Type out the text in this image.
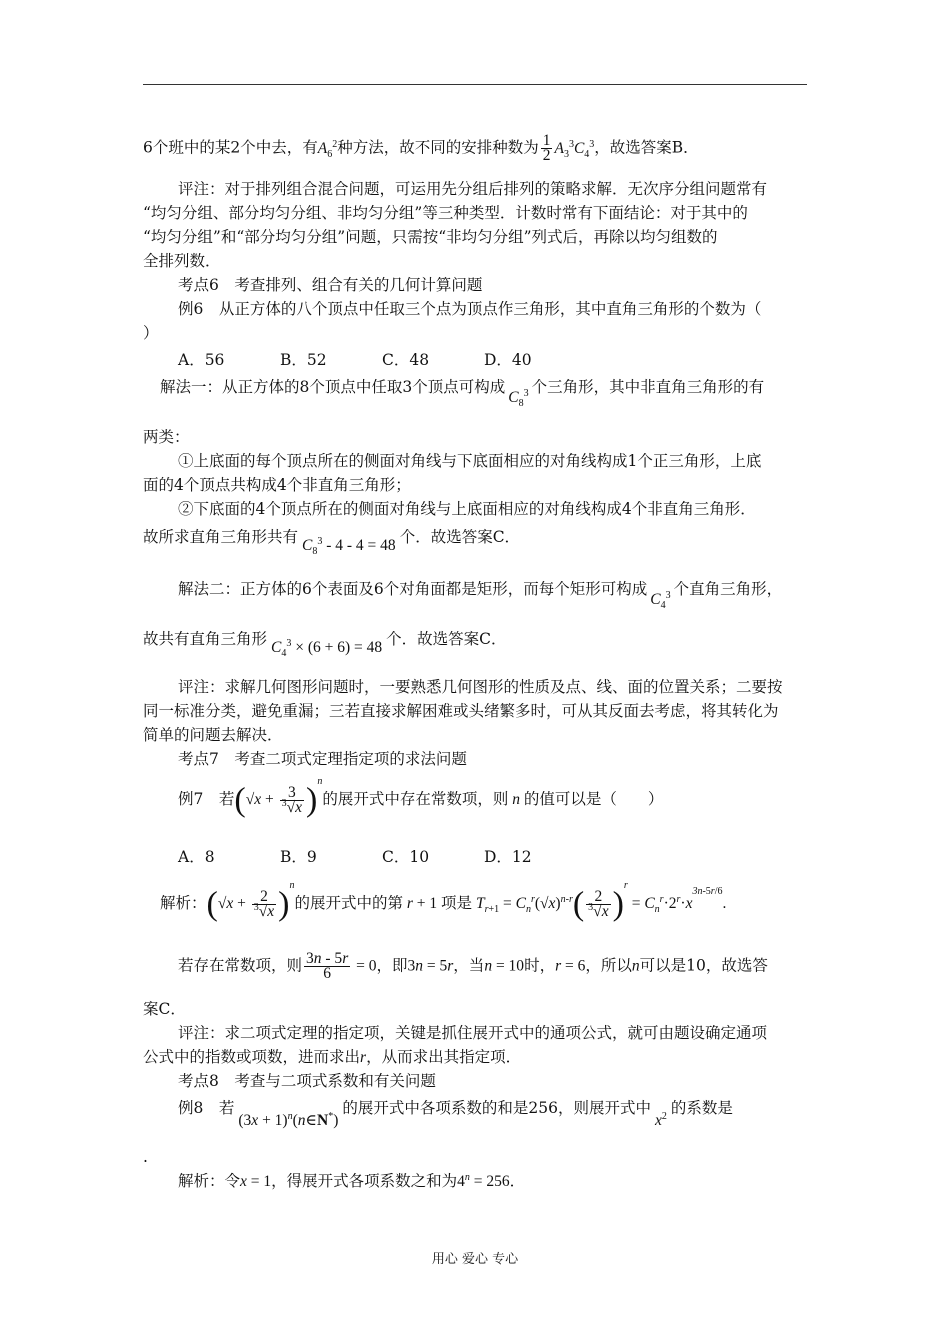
6个班中的某2个中去，有$A_6^2$种方法，故不同的安排种数为 $\frac{1}{2} A_3^3C_4^3$，故选答案B．
评注：对于排列组合混合问题，可运用先分组后排列的策略求解．无次序分组问题常有
“均匀分组、部分均匀分组、非均匀分组”等三种类型．计数时常有下面结论：对于其中的
“均匀分组”和“部分均匀分组”问题，只需按“非均匀分组”列式后，再除以均匀组数的
全排列数．
考点6　考查排列、组合有关的几何计算问题
例6　从正方体的八个顶点中任取三个点为顶点作三角形，其中直角三角形的个数为（
）
A．56	B．52	C．48	D．40
解法一：从正方体的8个顶点中任取3个顶点可构成$C_8^3$ 个三角形，其中非直角三角形的有
两类：
①上底面的每个顶点所在的侧面对角线与下底面相应的对角线构成1个正三角形，上底
面的4个顶点共构成4个非直角三角形；
②下底面的4个顶点所在的侧面对角线与上底面相应的对角线构成4个非直角三角形．
故所求直角三角形共有 $C_8^3 - 4 - 4 = 48$ 个．故选答案C．
解法二：正方体的6个表面及6个对角面都是矩形，而每个矩形可构成$C_4^3$ 个直角三角形，
故共有直角三角形 $C_4^3 \times (6 + 6) = 48$ 个．故选答案C．
评注：求解几何图形问题时，一要熟悉几何图形的性质及点、线、面的位置关系；二要按
同一标准分类，避免重漏；三若直接求解困难或头绪繁多时，可从其反面去考虑，将其转化为
简单的问题去解决．
考点7　考查二项式定理指定项的求法问题
例7　若$(√x + \frac{3}{^3√x} )^n$的展开式中存在常数项，则 n 的值可以是（　　）
A．8	B．9	C．10	D．12
解析：$(√x + \frac{2}{^3√x} )^n$的展开式中的第 r + 1 项是 $T_{r+1} = C_n^r(√x)^{n-r}( \frac{2}{^3√x} )^r = C_n^r\cdot 2^r\cdot x^{3n-5r/6}$.
若存在常数项，则 $\frac{3n - 5r}{6} = 0$，即3n = 5r，当n = 10时，r = 6，所以n可以是10，故选答
案C．
评注：求二项式定理的指定项，关键是抓住展开式中的通项公式，就可由题设确定通项
公式中的指数或项数，进而求出r，从而求出其指定项．
考点8　考查与二项式系数和有关问题
例8　若$(3x + 1)^n(n\in N^*)$的展开式中各项系数的和是256，则展开式中$x^2$ 的系数是
.
解析：令x = 1，得展开式各项系数之和为$4^n = 256$．
用心 爱心 专心
